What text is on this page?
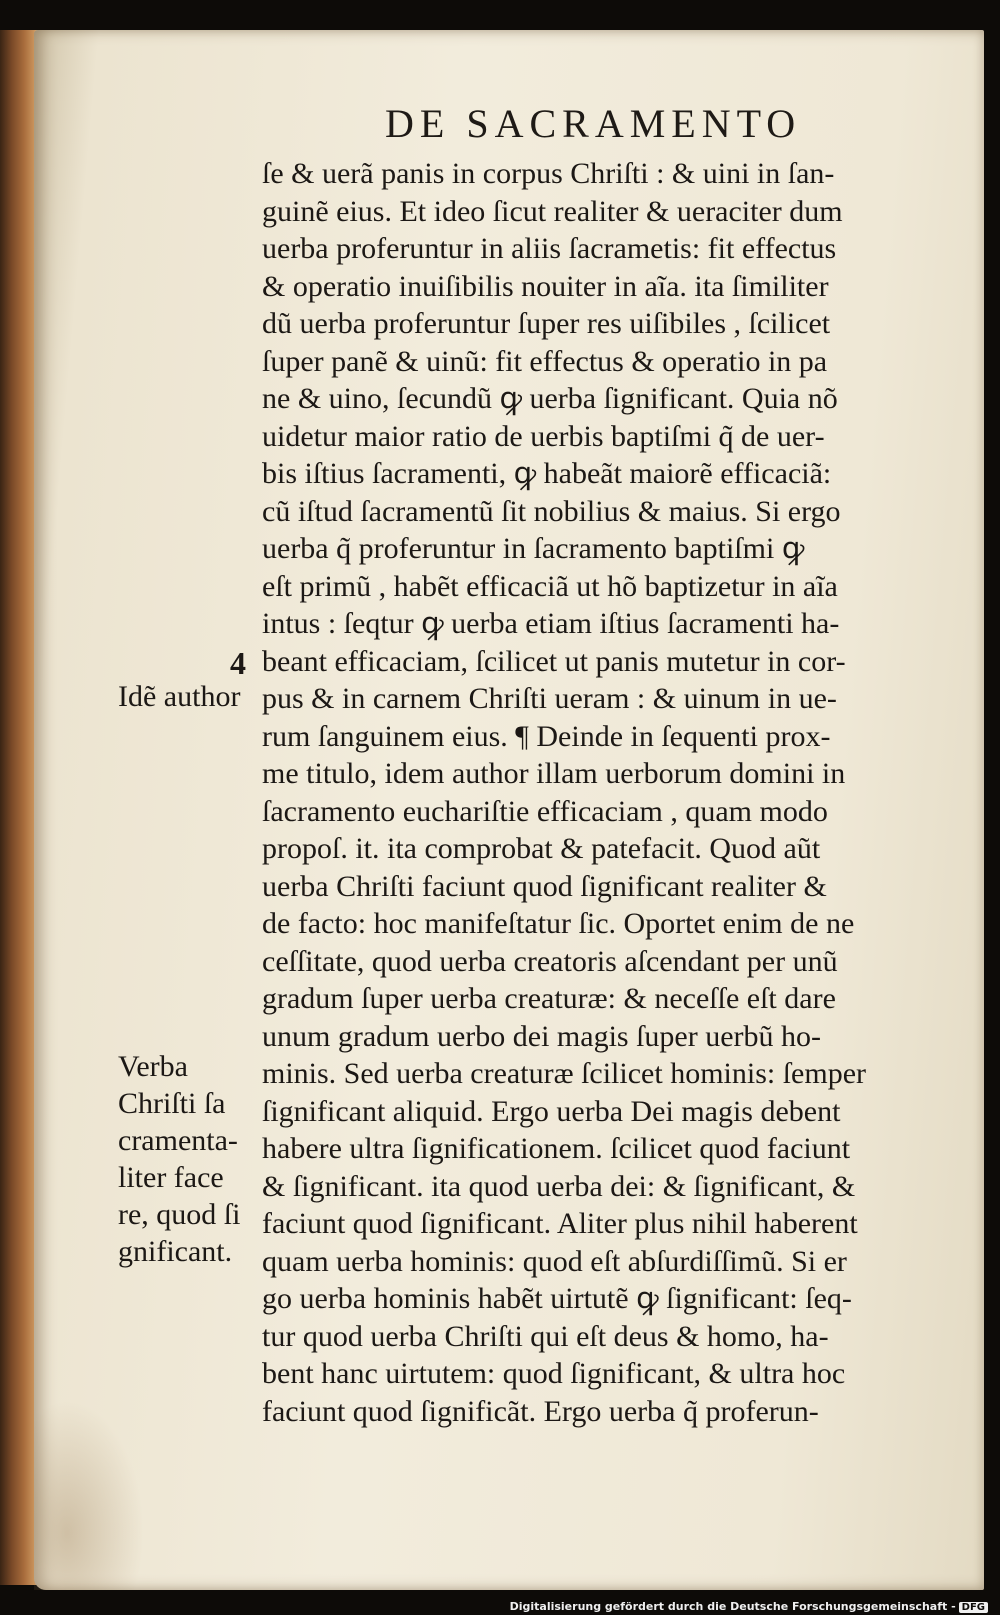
DE SACRAMENTO
ſe & uerã panis in corpus Chriſti : & uini in ſan-
guinẽ eius. Et ideo ſicut realiter & ueraciter dum
uerba proferuntur in aliis ſacrametis: fit effectus
& operatio inuiſibilis nouiter in aĩa. ita ſimiliter
dũ uerba proferuntur ſuper res uiſibiles , ſcilicet
ſuper panẽ & uinũ: fit effectus & operatio in pa
ne & uino, ſecundũ ꝙ uerba ſignificant. Quia nõ
uidetur maior ratio de uerbis baptiſmi q̃ de uer-
bis iſtius ſacramenti, ꝙ habeãt maiorẽ efficaciã:
cũ iſtud ſacramentũ ſit nobilius & maius. Si ergo
uerba q̃ proferuntur in ſacramento baptiſmi ꝙ
eſt primũ , habẽt efficaciã ut hõ baptizetur in aĩa
intus : ſeqtur ꝙ uerba etiam iſtius ſacramenti ha-
beant efficaciam, ſcilicet ut panis mutetur in cor-
pus & in carnem Chriſti ueram : & uinum in ue-
rum ſanguinem eius. ¶ Deinde in ſequenti prox-
me titulo, idem author illam uerborum domini in
ſacramento euchariſtie efficaciam , quam modo
propoſ. it. ita comprobat & patefacit. Quod aũt
uerba Chriſti faciunt quod ſignificant realiter &
de facto: hoc manifeſtatur ſic. Oportet enim de ne
ceſſitate, quod uerba creatoris aſcendant per unũ
gradum ſuper uerba creaturæ: & neceſſe eſt dare
unum gradum uerbo dei magis ſuper uerbũ ho-
minis. Sed uerba creaturæ ſcilicet hominis: ſemper
ſignificant aliquid. Ergo uerba Dei magis debent
habere ultra ſignificationem. ſcilicet quod faciunt
& ſignificant. ita quod uerba dei: & ſignificant, &
faciunt quod ſignificant. Aliter plus nihil haberent
quam uerba hominis: quod eſt abſurdiſſimũ. Si er
go uerba hominis habẽt uirtutẽ ꝙ ſignificant: ſeq-
tur quod uerba Chriſti qui eſt deus & homo, ha-
bent hanc uirtutem: quod ſignificant, & ultra hoc
faciunt quod ſignificãt. Ergo uerba q̃ proferun-
4
Idẽ author
Verba
Chriſti ſa
cramenta-
liter face
re, quod ſi
gnificant.
Digitalisierung gefördert durch die Deutsche Forschungsgemeinschaft - DFG
